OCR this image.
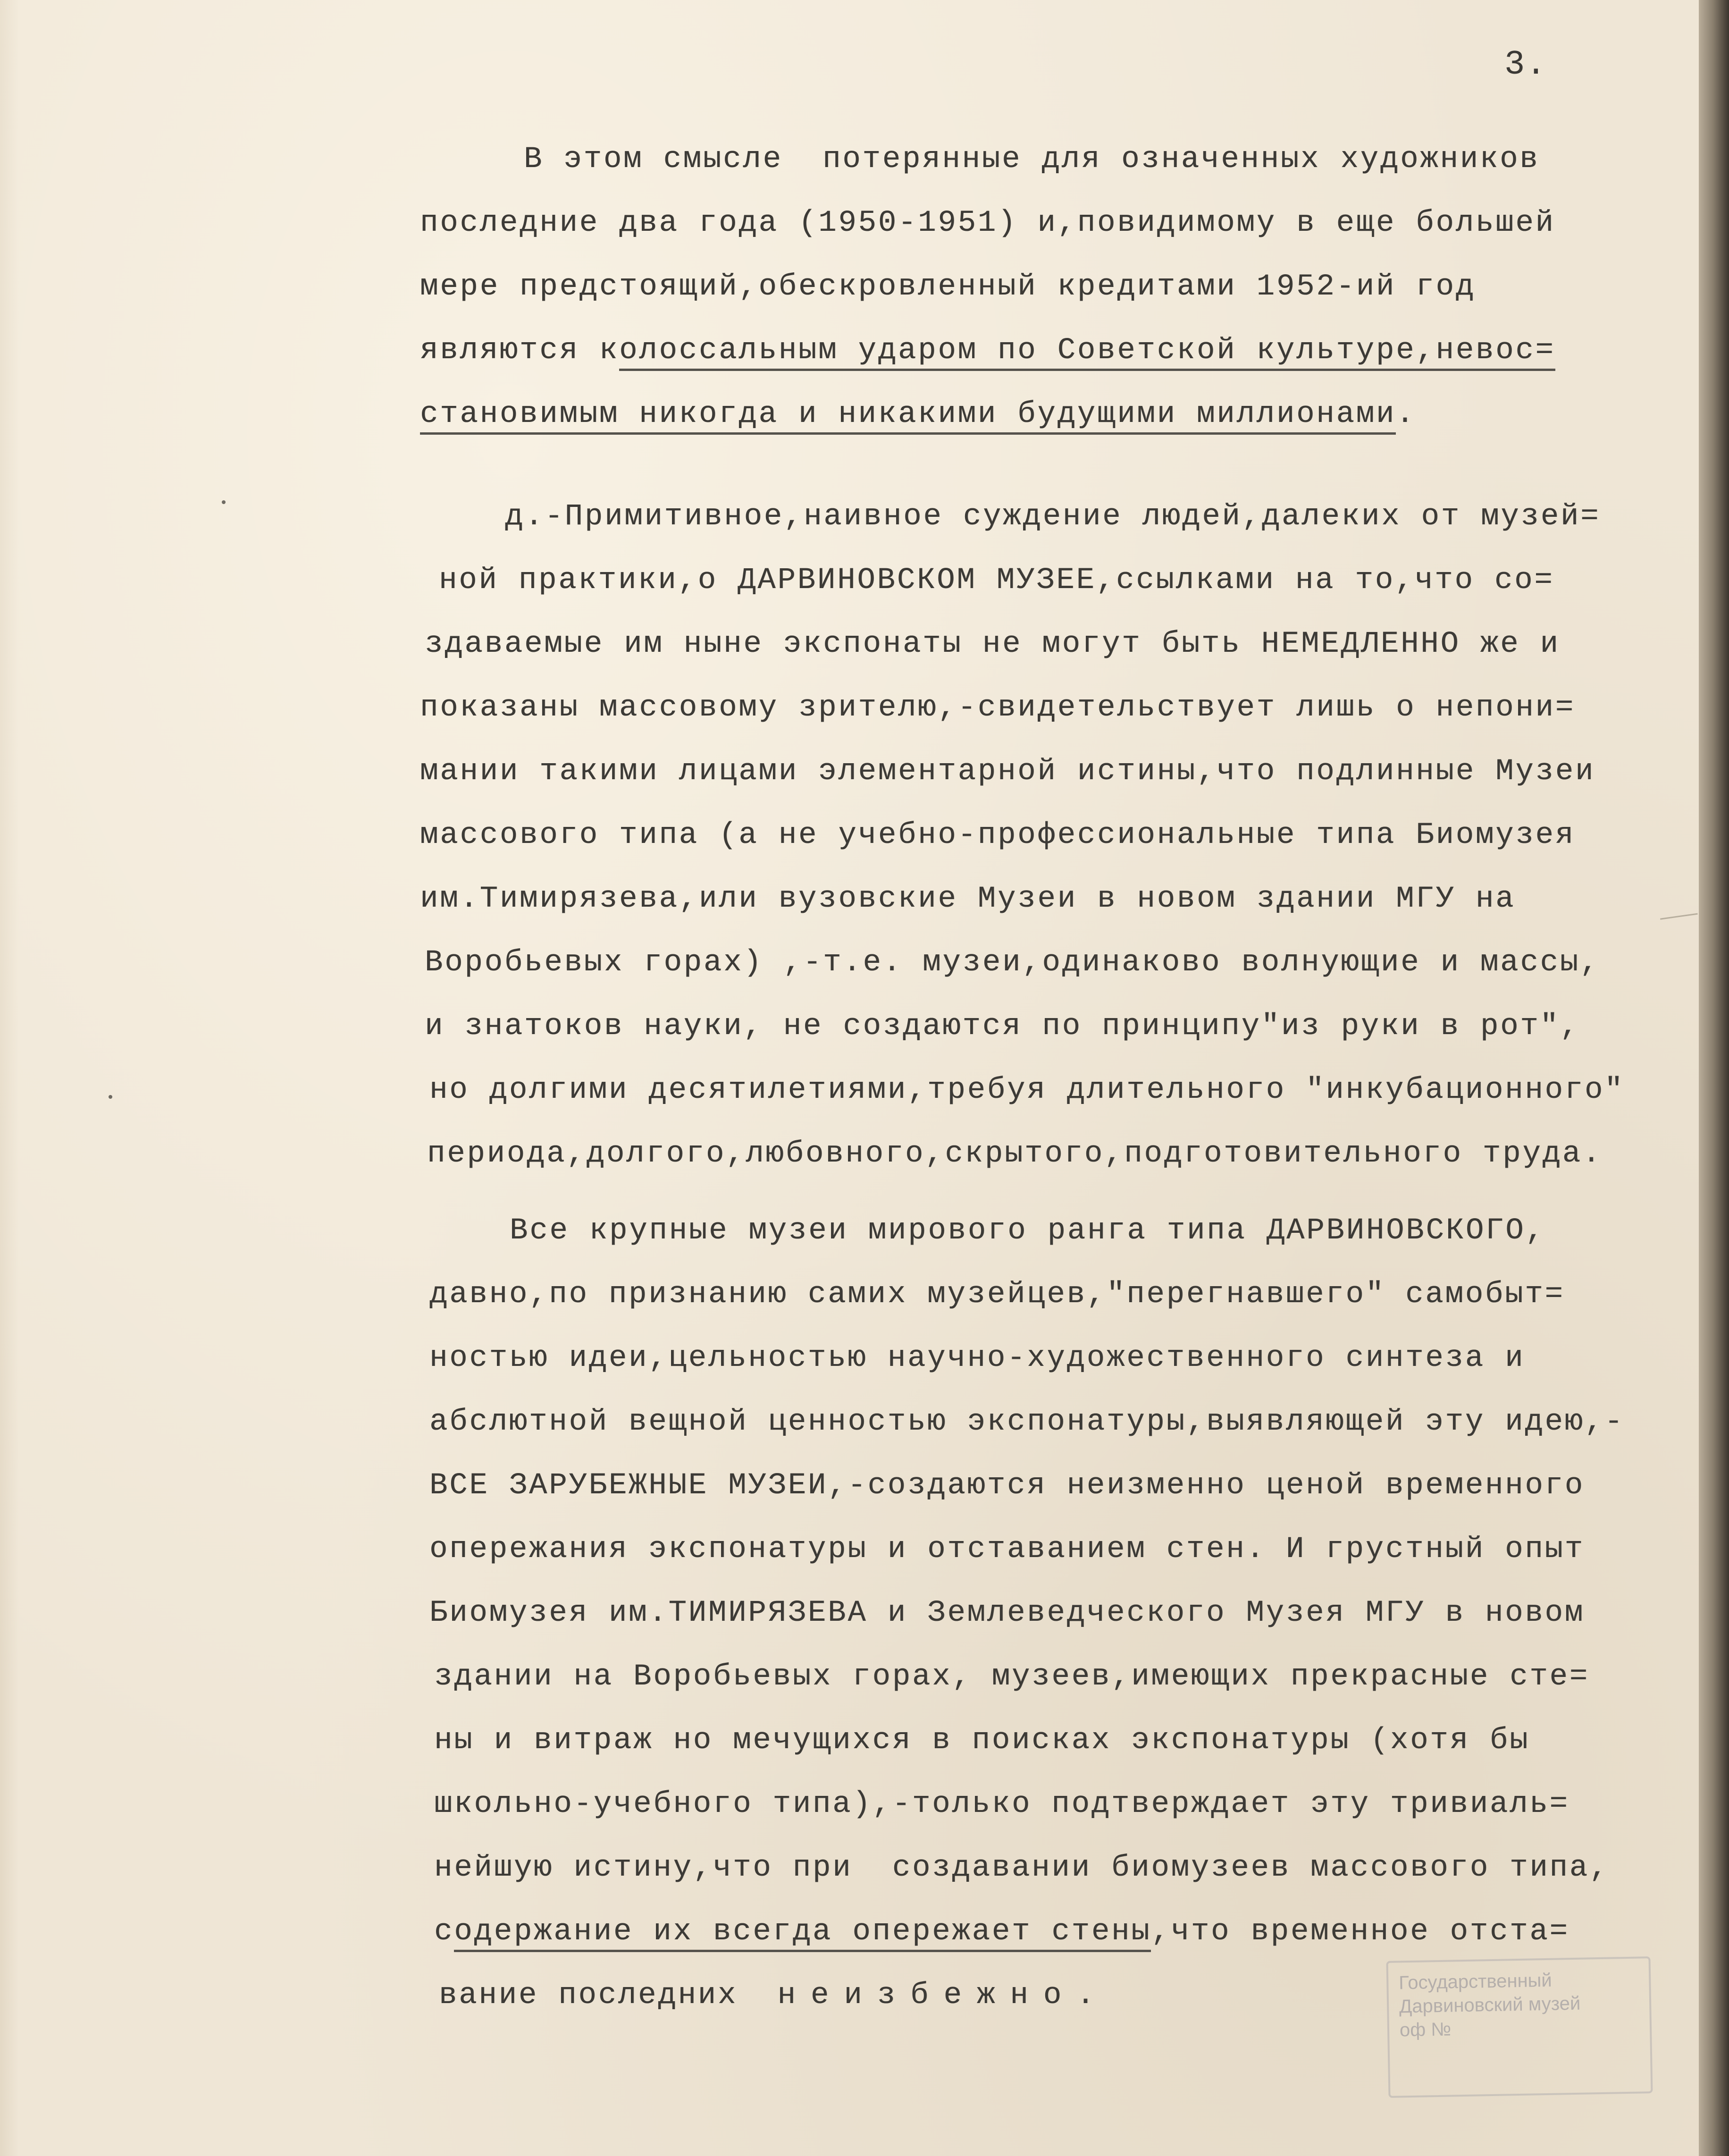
3.
В этом смысле  потерянные для означенных художников
последние два года (1950-1951) и,повидимому в еще большей
мере предстоящий,обескровленный кредитами 1952-ий год
являются колоссальным ударом по Советской культуре,невос=
становимым никогда и никакими будущими миллионами.
д.-Примитивное,наивное суждение людей,далеких от музей=
ной практики,о ДАРВИНОВСКОМ МУЗЕЕ,ссылками на то,что со=
здаваемые им ныне экспонаты не могут быть НЕМЕДЛЕННО же и
показаны массовому зрителю,-свидетельствует лишь о непони=
мании такими лицами элементарной истины,что подлинные Музеи
массового типа (а не учебно-профессиональные типа Биомузея
им.Тимирязева,или вузовские Музеи в новом здании МГУ на
Воробьевых горах) ,-т.е. музеи,одинаково волнующие и массы,
и знатоков науки, не создаются по принципу"из руки в рот",
но долгими десятилетиями,требуя длительного "инкубационного"
периода,долгого,любовного,скрытого,подготовительного труда.
Все крупные музеи мирового ранга типа ДАРВИНОВСКОГО,
давно,по признанию самих музейцев,"перегнавшего" самобыт=
ностью идеи,цельностью научно-художественного синтеза и
абслютной вещной ценностью экспонатуры,выявляющей эту идею,-
ВСЕ ЗАРУБЕЖНЫЕ МУЗЕИ,-создаются неизменно ценой временного
опережания экспонатуры и отставанием стен. И грустный опыт
Биомузея им.ТИМИРЯЗЕВА и Землеведческого Музея МГУ в новом
здании на Воробьевых горах, музеев,имеющих прекрасные сте=
ны и витраж но мечущихся в поисках экспонатуры (хотя бы
школьно-учебного типа),-только подтверждает эту тривиаль=
нейшую истину,что при  создавании биомузеев массового типа,
содержание их всегда опережает стены,что временное отста=
вание последних  неизбежно.	Государственный
Дарвиновский музей
оф №
